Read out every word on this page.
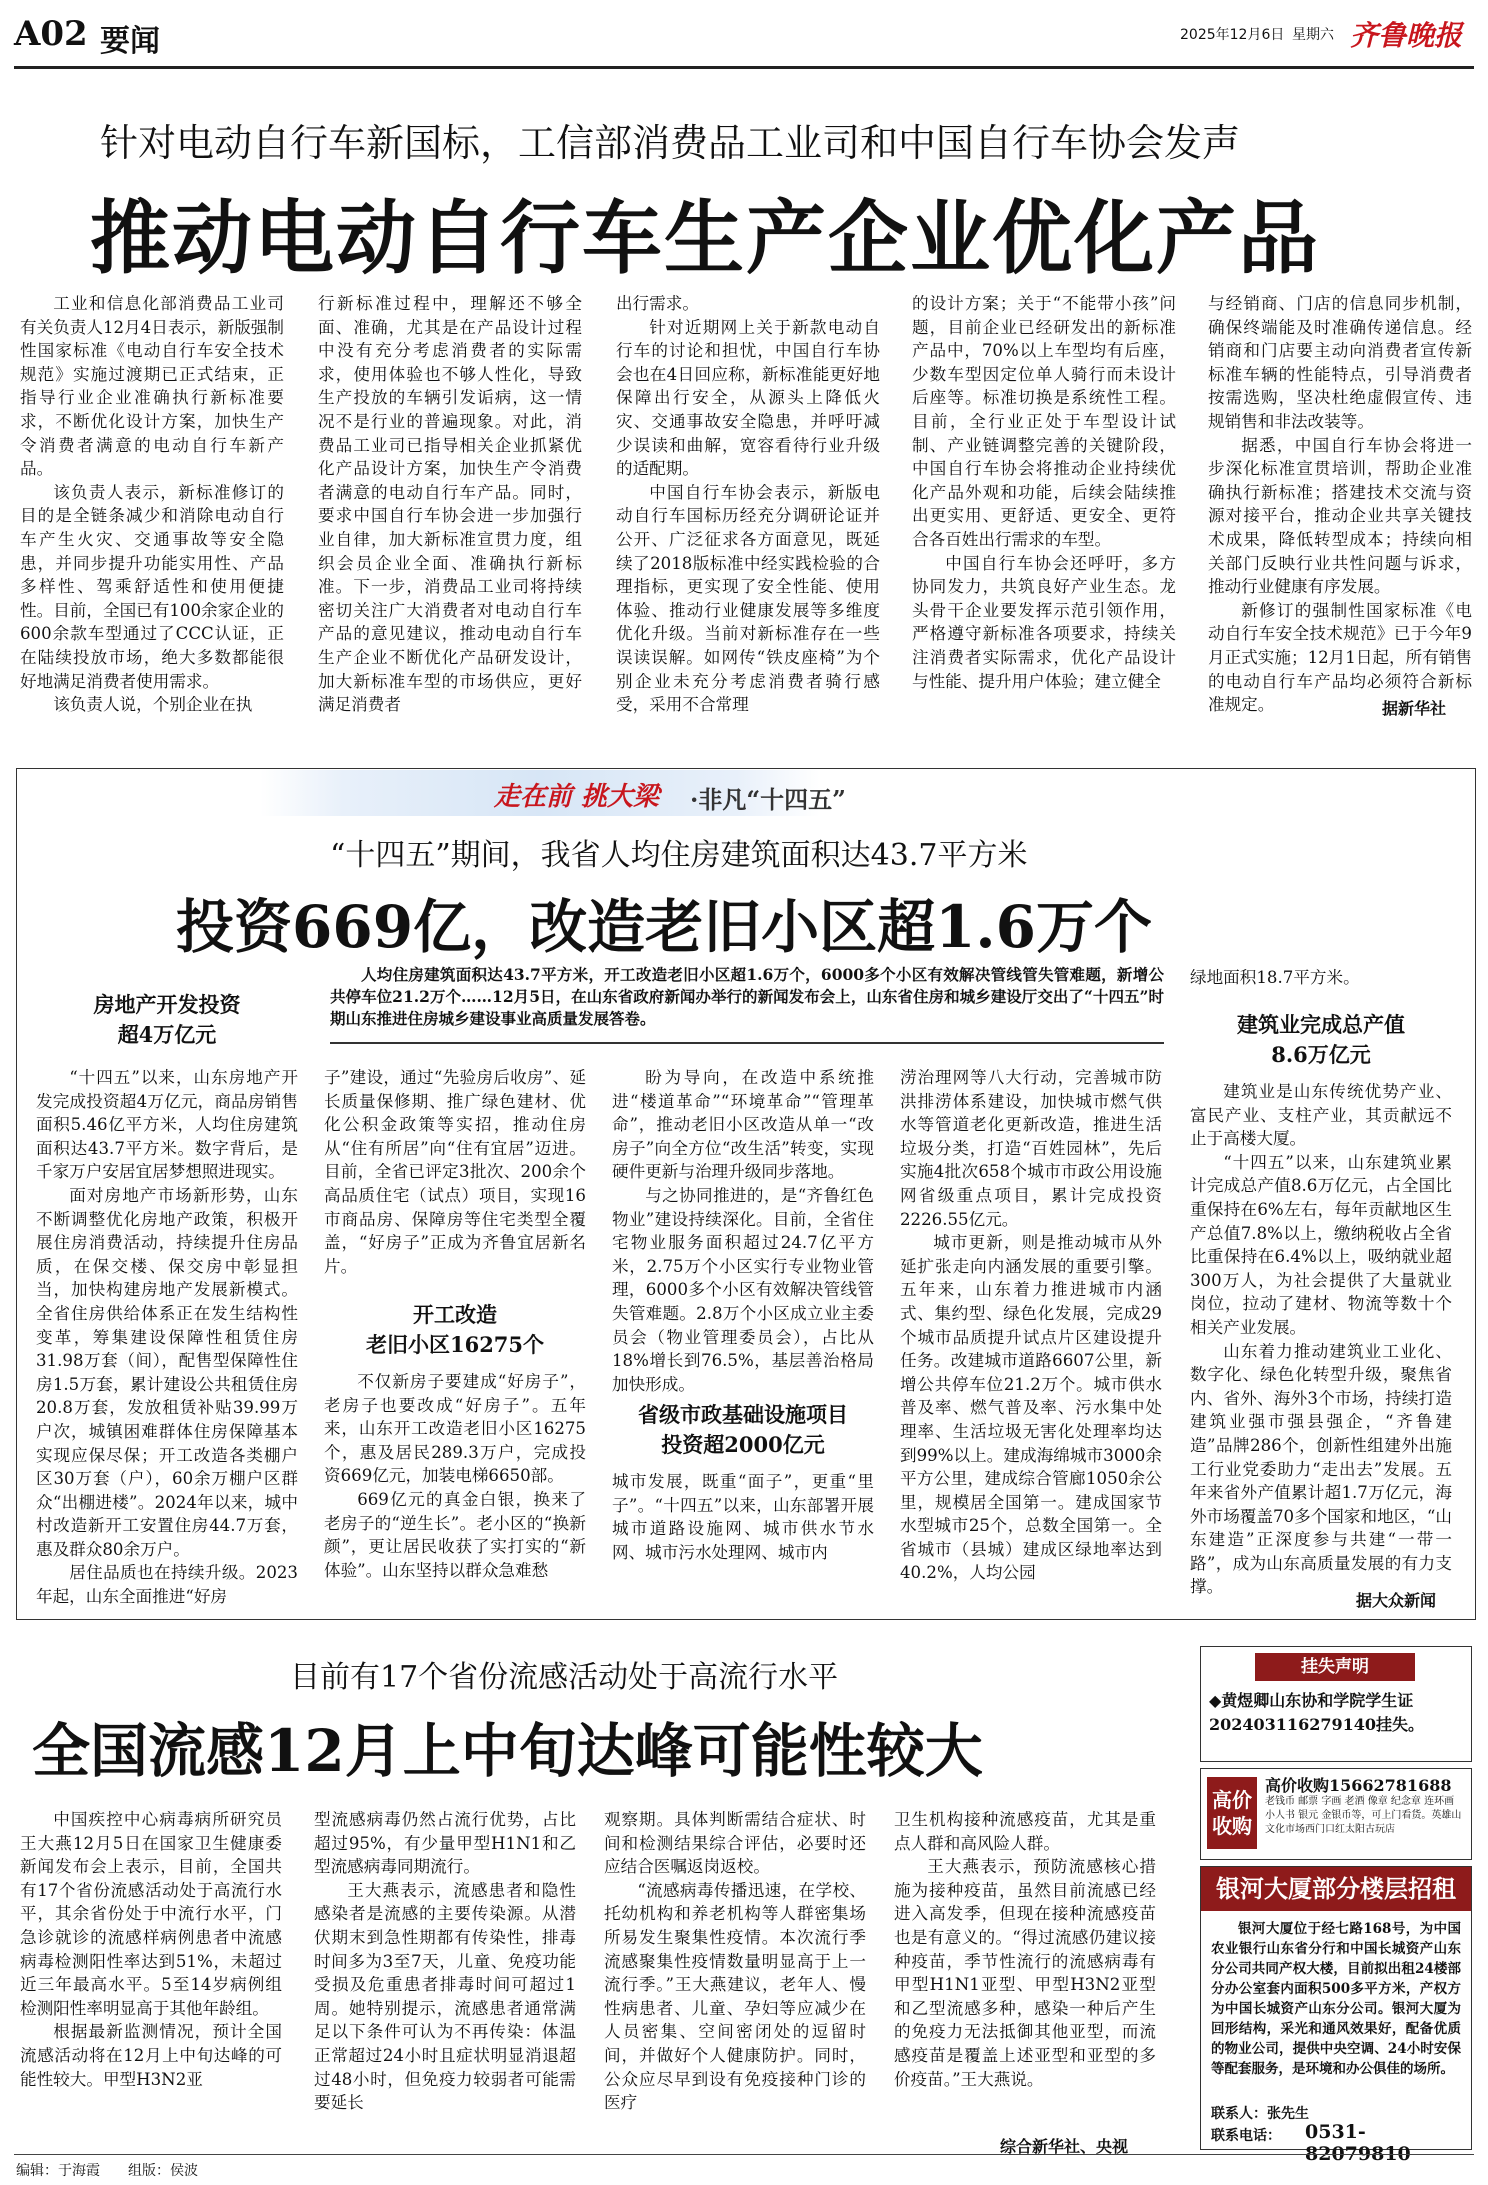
A02 要闻	2025年12月6日 星期六 齐鲁晚报
针对电动自行车新国标，工信部消费品工业司和中国自行车协会发声
推动电动自行车生产企业优化产品

工业和信息化部消费品工业司有关负责人12月4日表示，新版强制性国家标准《电动自行车安全技术规范》实施过渡期已正式结束，正指导行业企业准确执行新标准要求，不断优化设计方案，加快生产令消费者满意的电动自行车新产品。

该负责人表示，新标准修订的目的是全链条减少和消除电动自行车产生火灾、交通事故等安全隐患，并同步提升功能实用性、产品多样性、驾乘舒适性和使用便捷性。目前，全国已有100余家企业的600余款车型通过了CCC认证，正在陆续投放市场，绝大多数都能很好地满足消费者使用需求。

该负责人说，个别企业在执

行新标准过程中，理解还不够全面、准确，尤其是在产品设计过程中没有充分考虑消费者的实际需求，使用体验也不够人性化，导致生产投放的车辆引发诟病，这一情况不是行业的普遍现象。对此，消费品工业司已指导相关企业抓紧优化产品设计方案，加快生产令消费者满意的电动自行车产品。同时，要求中国自行车协会进一步加强行业自律，加大新标准宣贯力度，组织会员企业全面、准确执行新标准。下一步，消费品工业司将持续密切关注广大消费者对电动自行车产品的意见建议，推动电动自行车生产企业不断优化产品研发设计，加大新标准车型的市场供应，更好满足消费者

出行需求。

针对近期网上关于新款电动自行车的讨论和担忧，中国自行车协会也在4日回应称，新标准能更好地保障出行安全，从源头上降低火灾、交通事故安全隐患，并呼吁减少误读和曲解，宽容看待行业升级的适配期。

中国自行车协会表示，新版电动自行车国标历经充分调研论证并公开、广泛征求各方面意见，既延续了2018版标准中经实践检验的合理指标，更实现了安全性能、使用体验、推动行业健康发展等多维度优化升级。当前对新标准存在一些误读误解。如网传“铁皮座椅”为个别企业未充分考虑消费者骑行感受，采用不合常理

的设计方案；关于“不能带小孩”问题，目前企业已经研发出的新标准产品中，70%以上车型均有后座，少数车型因定位单人骑行而未设计后座等。标准切换是系统性工程。目前，全行业正处于车型设计试制、产业链调整完善的关键阶段，中国自行车协会将推动企业持续优化产品外观和功能，后续会陆续推出更实用、更舒适、更安全、更符合各百姓出行需求的车型。

中国自行车协会还呼吁，多方协同发力，共筑良好产业生态。龙头骨干企业要发挥示范引领作用，严格遵守新标准各项要求，持续关注消费者实际需求，优化产品设计与性能、提升用户体验；建立健全

与经销商、门店的信息同步机制，确保终端能及时准确传递信息。经销商和门店要主动向消费者宣传新标准车辆的性能特点，引导消费者按需选购，坚决杜绝虚假宣传、违规销售和非法改装等。

据悉，中国自行车协会将进一步深化标准宣贯培训，帮助企业准确执行新标准；搭建技术交流与资源对接平台，推动企业共享关键技术成果，降低转型成本；持续向相关部门反映行业共性问题与诉求，推动行业健康有序发展。

新修订的强制性国家标准《电动自行车安全技术规范》已于今年9月正式实施；12月1日起，所有销售的电动自行车产品均必须符合新标准规定。	据新华社
走在前 挑大梁 ·非凡“十四五”
“十四五”期间，我省人均住房建筑面积达43.7平方米
投资669亿，改造老旧小区超1.6万个
人均住房建筑面积达43.7平方米，开工改造老旧小区超1.6万个，6000多个小区有效解决管线管失管难题，新增公共停车位21.2万个……12月5日，在山东省政府新闻办举行的新闻发布会上，山东省住房和城乡建设厅交出了“十四五”时期山东推进住房城乡建设事业高质量发展答卷。
房地产开发投资
超4万亿元

“十四五”以来，山东房地产开发完成投资超4万亿元，商品房销售面积5.46亿平方米，人均住房建筑面积达43.7平方米。数字背后，是千家万户安居宜居梦想照进现实。

面对房地产市场新形势，山东不断调整优化房地产政策，积极开展住房消费活动，持续提升住房品质，在保交楼、保交房中彰显担当，加快构建房地产发展新模式。全省住房供给体系正在发生结构性变革，筹集建设保障性租赁住房31.98万套（间），配售型保障性住房1.5万套，累计建设公共租赁住房20.8万套，发放租赁补贴39.99万户次，城镇困难群体住房保障基本实现应保尽保；开工改造各类棚户区30万套（户），60余万棚户区群众“出棚进楼”。2024年以来，城中村改造新开工安置住房44.7万套，惠及群众80余万户。

居住品质也在持续升级。2023年起，山东全面推进“好房

子”建设，通过“先验房后收房”、延长质量保修期、推广绿色建材、优化公积金政策等实招，推动住房从“住有所居”向“住有宜居”迈进。目前，全省已评定3批次、200余个高品质住宅（试点）项目，实现16市商品房、保障房等住宅类型全覆盖，“好房子”正成为齐鲁宜居新名片。

开工改造
老旧小区16275个

不仅新房子要建成“好房子”，老房子也要改成“好房子”。五年来，山东开工改造老旧小区16275个，惠及居民289.3万户，完成投资669亿元，加装电梯6650部。

669亿元的真金白银，换来了老房子的“逆生长”。老小区的“换新颜”，更让居民收获了实打实的“新体验”。山东坚持以群众急难愁

盼为导向，在改造中系统推进“楼道革命”“环境革命”“管理革命”，推动老旧小区改造从单一“改房子”向全方位“改生活”转变，实现硬件更新与治理升级同步落地。

与之协同推进的，是“齐鲁红色物业”建设持续深化。目前，全省住宅物业服务面积超过24.7亿平方米，2.75万个小区实行专业物业管理，6000多个小区有效解决管线管失管难题。2.8万个小区成立业主委员会（物业管理委员会），占比从18%增长到76.5%，基层善治格局加快形成。

省级市政基础设施项目
投资超2000亿元

城市发展，既重“面子”，更重“里子”。“十四五”以来，山东部署开展城市道路设施网、城市供水节水网、城市污水处理网、城市内

涝治理网等八大行动，完善城市防洪排涝体系建设，加快城市燃气供水等管道老化更新改造，推进生活垃圾分类，打造“百姓园林”，先后实施4批次658个城市市政公用设施网省级重点项目，累计完成投资2226.55亿元。

城市更新，则是推动城市从外延扩张走向内涵发展的重要引擎。五年来，山东着力推进城市内涵式、集约型、绿色化发展，完成29个城市品质提升试点片区建设提升任务。改建城市道路6607公里，新增公共停车位21.2万个。城市供水普及率、燃气普及率、污水集中处理率、生活垃圾无害化处理率均达到99%以上。建成海绵城市3000余平方公里，建成综合管廊1050余公里，规模居全国第一。建成国家节水型城市25个，总数全国第一。全省城市（县城）建成区绿地率达到40.2%，人均公园

绿地面积18.7平方米。

建筑业完成总产值
8.6万亿元

建筑业是山东传统优势产业、富民产业、支柱产业，其贡献远不止于高楼大厦。

“十四五”以来，山东建筑业累计完成总产值8.6万亿元，占全国比重保持在6%左右，每年贡献地区生产总值7.8%以上，缴纳税收占全省比重保持在6.4%以上，吸纳就业超300万人，为社会提供了大量就业岗位，拉动了建材、物流等数十个相关产业发展。

山东着力推动建筑业工业化、数字化、绿色化转型升级，聚焦省内、省外、海外3个市场，持续打造建筑业强市强县强企，“齐鲁建造”品牌286个，创新性组建外出施工行业党委助力“走出去”发展。五年来省外产值累计超1.7万亿元，海外市场覆盖70多个国家和地区，“山东建造”正深度参与共建“一带一路”，成为山东高质量发展的有力支撑。

据大众新闻
目前有17个省份流感活动处于高流行水平
全国流感12月上中旬达峰可能性较大

中国疾控中心病毒病所研究员王大燕12月5日在国家卫生健康委新闻发布会上表示，目前，全国共有17个省份流感活动处于高流行水平，其余省份处于中流行水平，门急诊就诊的流感样病例患者中流感病毒检测阳性率达到51%，未超过近三年最高水平。5至14岁病例组检测阳性率明显高于其他年龄组。

根据最新监测情况，预计全国流感活动将在12月上中旬达峰的可能性较大。甲型H3N2亚

型流感病毒仍然占流行优势，占比超过95%，有少量甲型H1N1和乙型流感病毒同期流行。

王大燕表示，流感患者和隐性感染者是流感的主要传染源。从潜伏期末到急性期都有传染性，排毒时间多为3至7天，儿童、免疫功能受损及危重患者排毒时间可超过1周。她特别提示，流感患者通常满足以下条件可认为不再传染：体温正常超过24小时且症状明显消退超过48小时，但免疫力较弱者可能需要延长

观察期。具体判断需结合症状、时间和检测结果综合评估，必要时还应结合医嘱返岗返校。

“流感病毒传播迅速，在学校、托幼机构和养老机构等人群密集场所易发生聚集性疫情。本次流行季流感聚集性疫情数量明显高于上一流行季。”王大燕建议，老年人、慢性病患者、儿童、孕妇等应减少在人员密集、空间密闭处的逗留时间，并做好个人健康防护。同时，公众应尽早到设有免疫接种门诊的医疗

卫生机构接种流感疫苗，尤其是重点人群和高风险人群。

王大燕表示，预防流感核心措施为接种疫苗，虽然目前流感已经进入高发季，但现在接种流感疫苗也是有意义的。“得过流感仍建议接种疫苗，季节性流行的流感病毒有甲型H1N1亚型、甲型H3N2亚型和乙型流感多种，感染一种后产生的免疫力无法抵御其他亚型，而流感疫苗是覆盖上述亚型和亚型的多价疫苗。”王大燕说。

综合新华社、央视
挂失声明
◆黄煜卿山东协和学院学生证202403116279140挂失。
高价收购
高价收购15662781688
老钱币 邮票 字画 老酒 像章 纪念章 连环画 小人书 银元 金银币等，可上门看货。英雄山文化市场西门口红太阳古玩店
银河大厦部分楼层招租
银河大厦位于经七路168号，为中国农业银行山东省分行和中国长城资产山东分公司共同产权大楼，目前拟出租24楼部分办公室套内面积500多平方米，产权方为中国长城资产山东分公司。银河大厦为回形结构，采光和通风效果好，配备优质的物业公司，提供中央空调、24小时安保等配套服务，是环境和办公俱佳的场所。
联系人：张先生
联系电话： 0531-82079810
编辑：于海霞 组版：侯波
